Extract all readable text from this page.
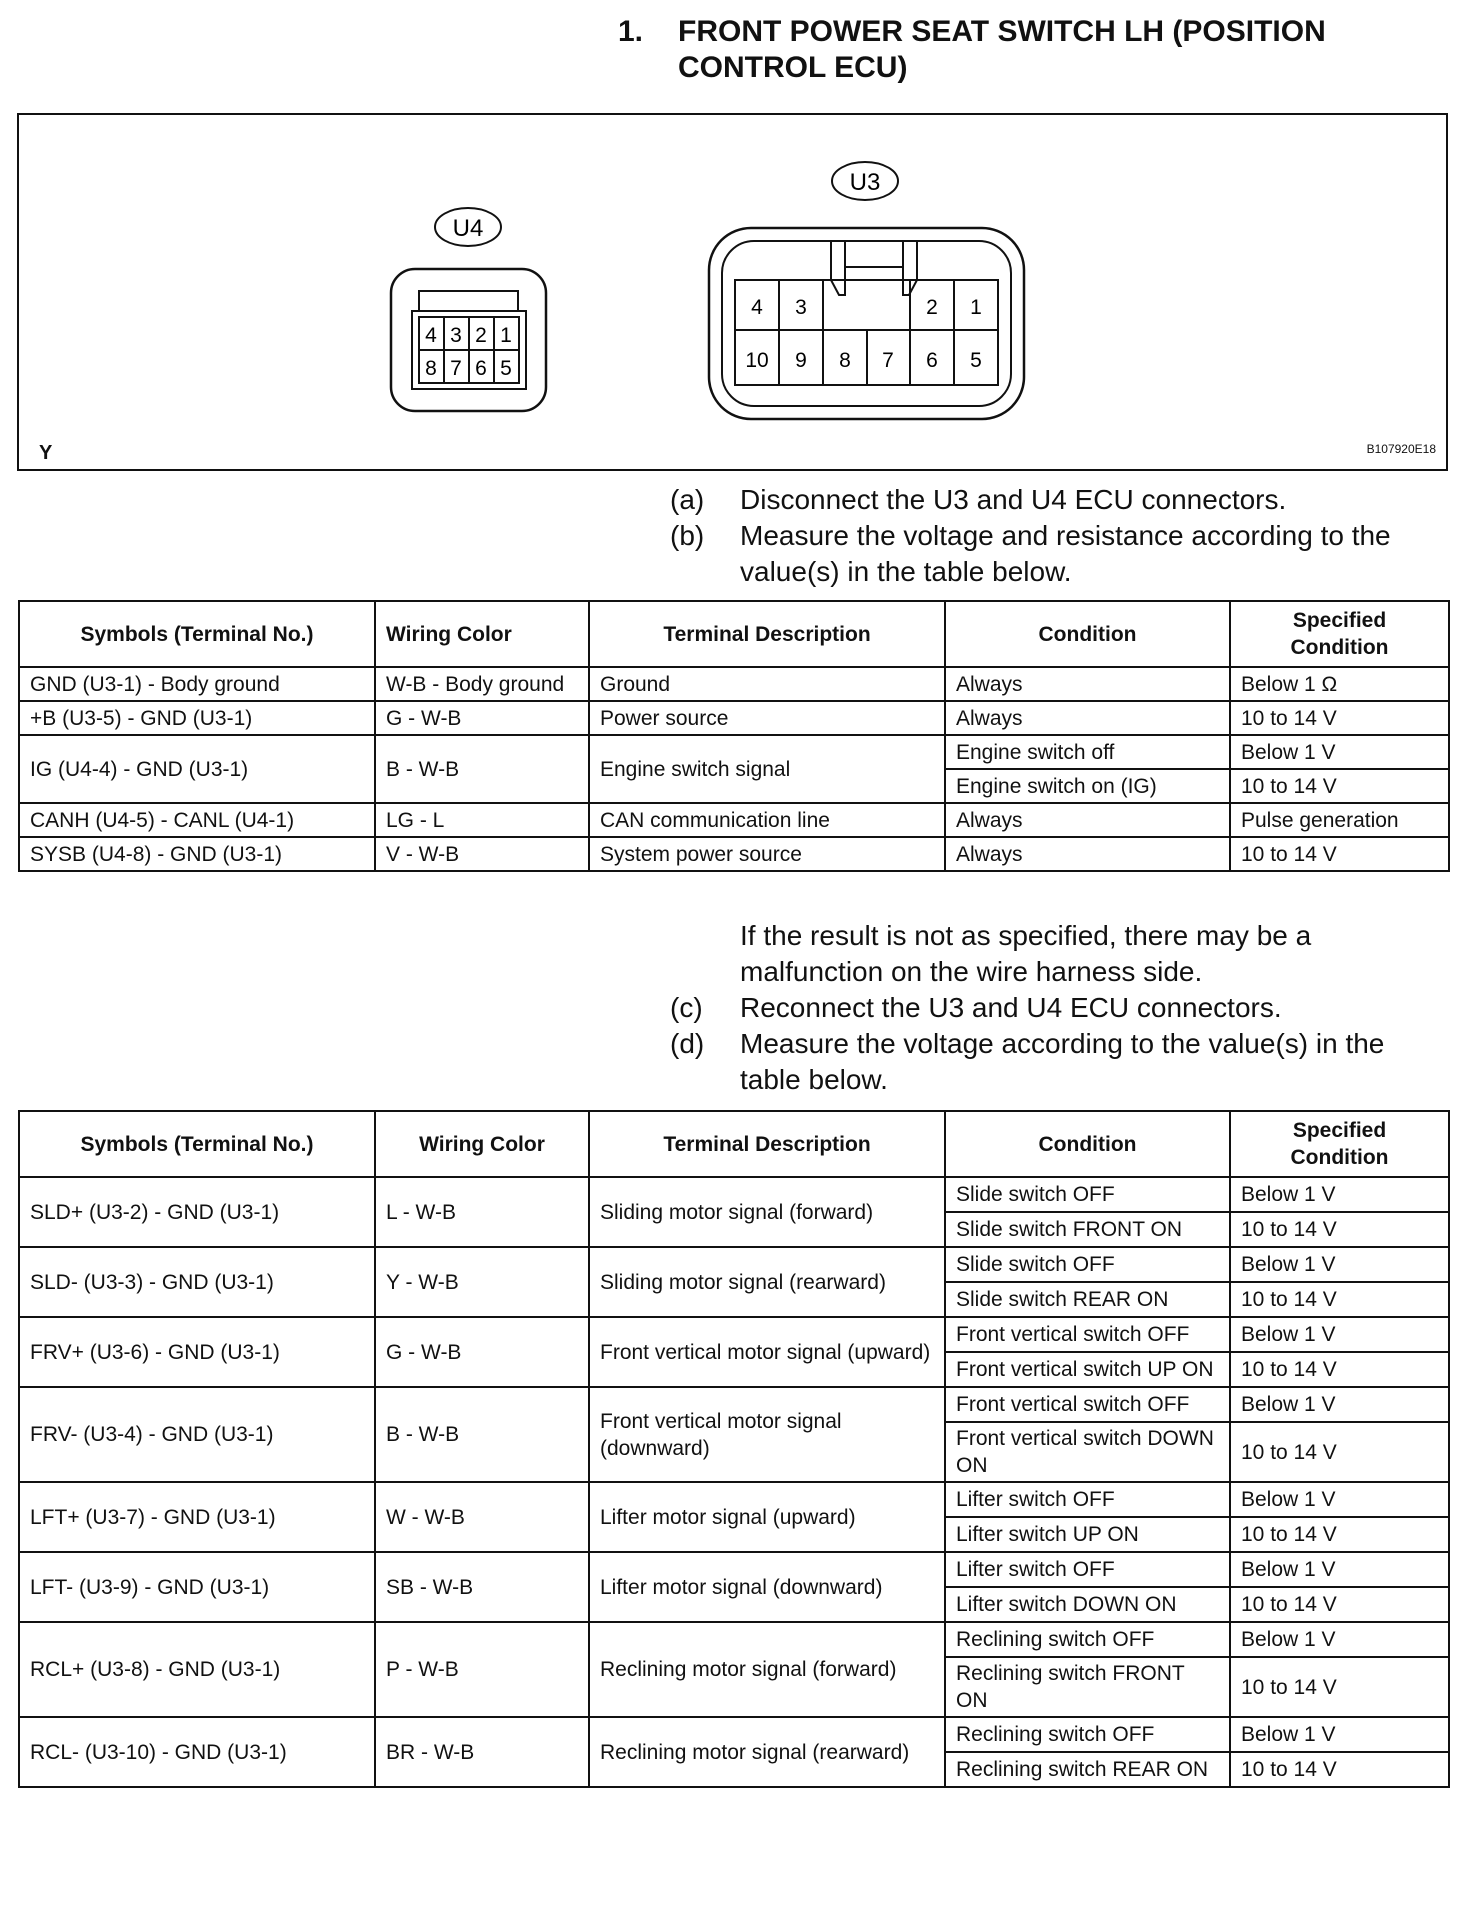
1. FRONT POWER SEAT SWITCH LH (POSITION CONTROL ECU)
U4
4 3 2 1
8 7 6 5
U3
4 3	2 1
10 9 8 7 6 5
Y	B107920E18
(a) Disconnect the U3 and U4 ECU connectors.
(b) Measure the voltage and resistance according to the value(s) in the table below.
Symbols (Terminal No.)	Wiring Color	Terminal Description	Condition	Specified Condition
GND (U3-1) - Body ground	W-B - Body ground	Ground	Always	Below 1 Ω
+B (U3-5) - GND (U3-1)	G - W-B	Power source	Always	10 to 14 V
IG (U4-4) - GND (U3-1)	B - W-B	Engine switch signal	Engine switch off	Below 1 V
			Engine switch on (IG)	10 to 14 V
CANH (U4-5) - CANL (U4-1)	LG - L	CAN communication line	Always	Pulse generation
SYSB (U4-8) - GND (U3-1)	V - W-B	System power source	Always	10 to 14 V
If the result is not as specified, there may be a malfunction on the wire harness side.
(c) Reconnect the U3 and U4 ECU connectors.
(d) Measure the voltage according to the value(s) in the table below.
Symbols (Terminal No.)	Wiring Color	Terminal Description	Condition	Specified Condition
SLD+ (U3-2) - GND (U3-1)	L - W-B	Sliding motor signal (forward)	Slide switch OFF	Below 1 V
			Slide switch FRONT ON	10 to 14 V
SLD- (U3-3) - GND (U3-1)	Y - W-B	Sliding motor signal (rearward)	Slide switch OFF	Below 1 V
			Slide switch REAR ON	10 to 14 V
FRV+ (U3-6) - GND (U3-1)	G - W-B	Front vertical motor signal (upward)	Front vertical switch OFF	Below 1 V
			Front vertical switch UP ON	10 to 14 V
FRV- (U3-4) - GND (U3-1)	B - W-B	Front vertical motor signal (downward)	Front vertical switch OFF	Below 1 V
			Front vertical switch DOWN ON	10 to 14 V
LFT+ (U3-7) - GND (U3-1)	W - W-B	Lifter motor signal (upward)	Lifter switch OFF	Below 1 V
			Lifter switch UP ON	10 to 14 V
LFT- (U3-9) - GND (U3-1)	SB - W-B	Lifter motor signal (downward)	Lifter switch OFF	Below 1 V
			Lifter switch DOWN ON	10 to 14 V
RCL+ (U3-8) - GND (U3-1)	P - W-B	Reclining motor signal (forward)	Reclining switch OFF	Below 1 V
			Reclining switch FRONT ON	10 to 14 V
RCL- (U3-10) - GND (U3-1)	BR - W-B	Reclining motor signal (rearward)	Reclining switch OFF	Below 1 V
			Reclining switch REAR ON	10 to 14 V
